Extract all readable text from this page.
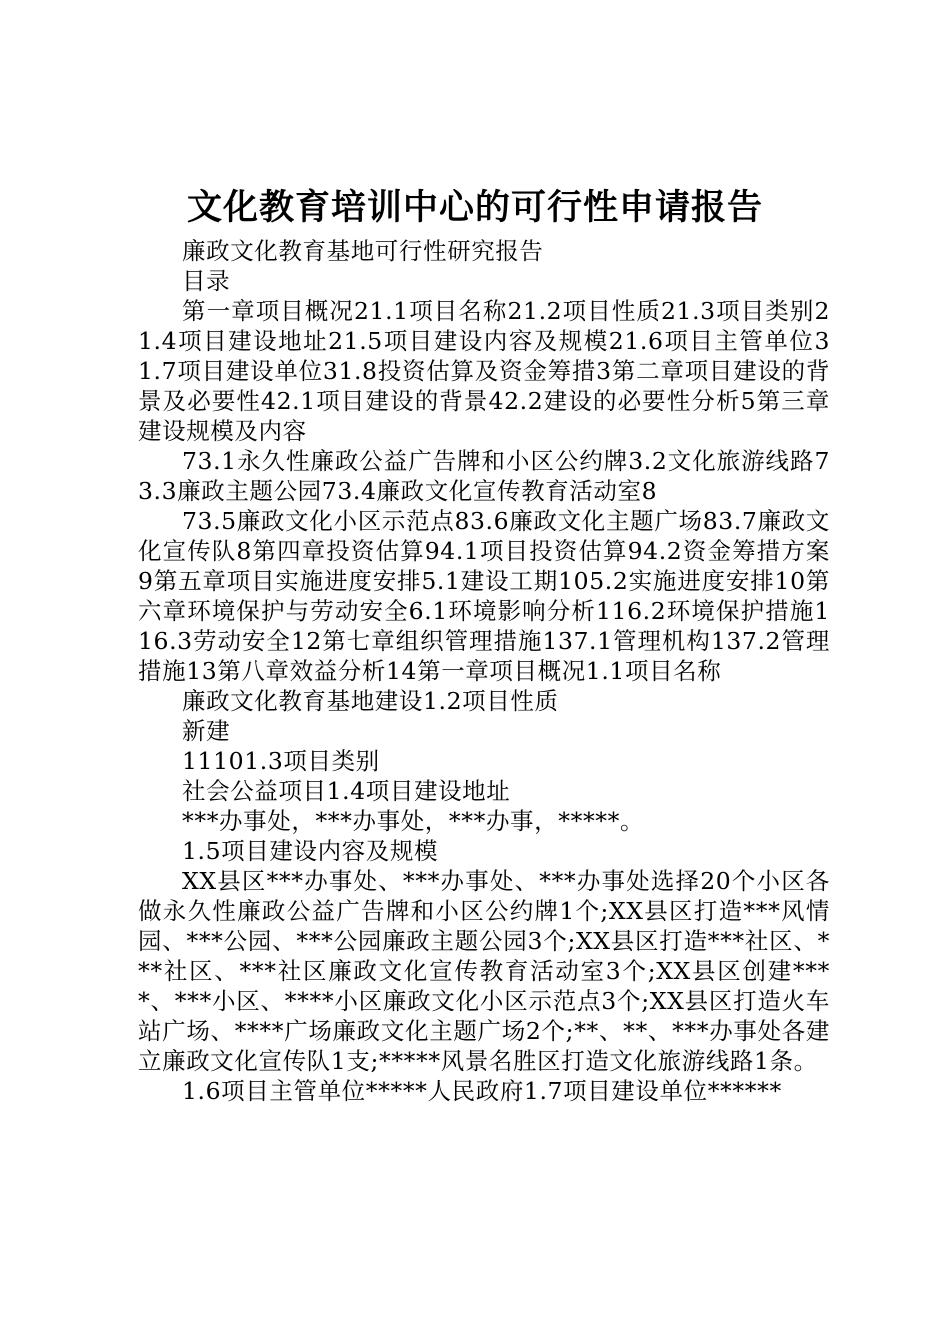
文化教育培训中心的可行性申请报告

廉政文化教育基地可行性研究报告

目录

第一章项目概况21.1项目名称21.2项目性质21.3项目类别21.4项目建设地址21.5项目建设内容及规模21.6项目主管单位31.7项目建设单位31.8投资估算及资金筹措3第二章项目建设的背景及必要性42.1项目建设的背景42.2建设的必要性分析5第三章建设规模及内容

73.1永久性廉政公益广告牌和小区公约牌3.2文化旅游线路73.3廉政主题公园73.4廉政文化宣传教育活动室8

73.5廉政文化小区示范点83.6廉政文化主题广场83.7廉政文化宣传队8第四章投资估算94.1项目投资估算94.2资金筹措方案9第五章项目实施进度安排5.1建设工期105.2实施进度安排10第六章环境保护与劳动安全6.1环境影响分析116.2环境保护措施116.3劳动安全12第七章组织管理措施137.1管理机构137.2管理措施13第八章效益分析14第一章项目概况1.1项目名称

廉政文化教育基地建设1.2项目性质

新建

11101.3项目类别

社会公益项目1.4项目建设地址

***办事处，***办事处，***办事，*****。

1.5项目建设内容及规模

XX县区***办事处、***办事处、***办事处选择20个小区各做永久性廉政公益广告牌和小区公约牌1个;XX县区打造***风情园、***公园、***公园廉政主题公园3个;XX县区打造***社区、***社区、***社区廉政文化宣传教育活动室3个;XX县区创建****、***小区、****小区廉政文化小区示范点3个;XX县区打造火车站广场、****广场廉政文化主题广场2个;**、**、***办事处各建立廉政文化宣传队1支;*****风景名胜区打造文化旅游线路1条。

1.6项目主管单位*****人民政府1.7项目建设单位******
